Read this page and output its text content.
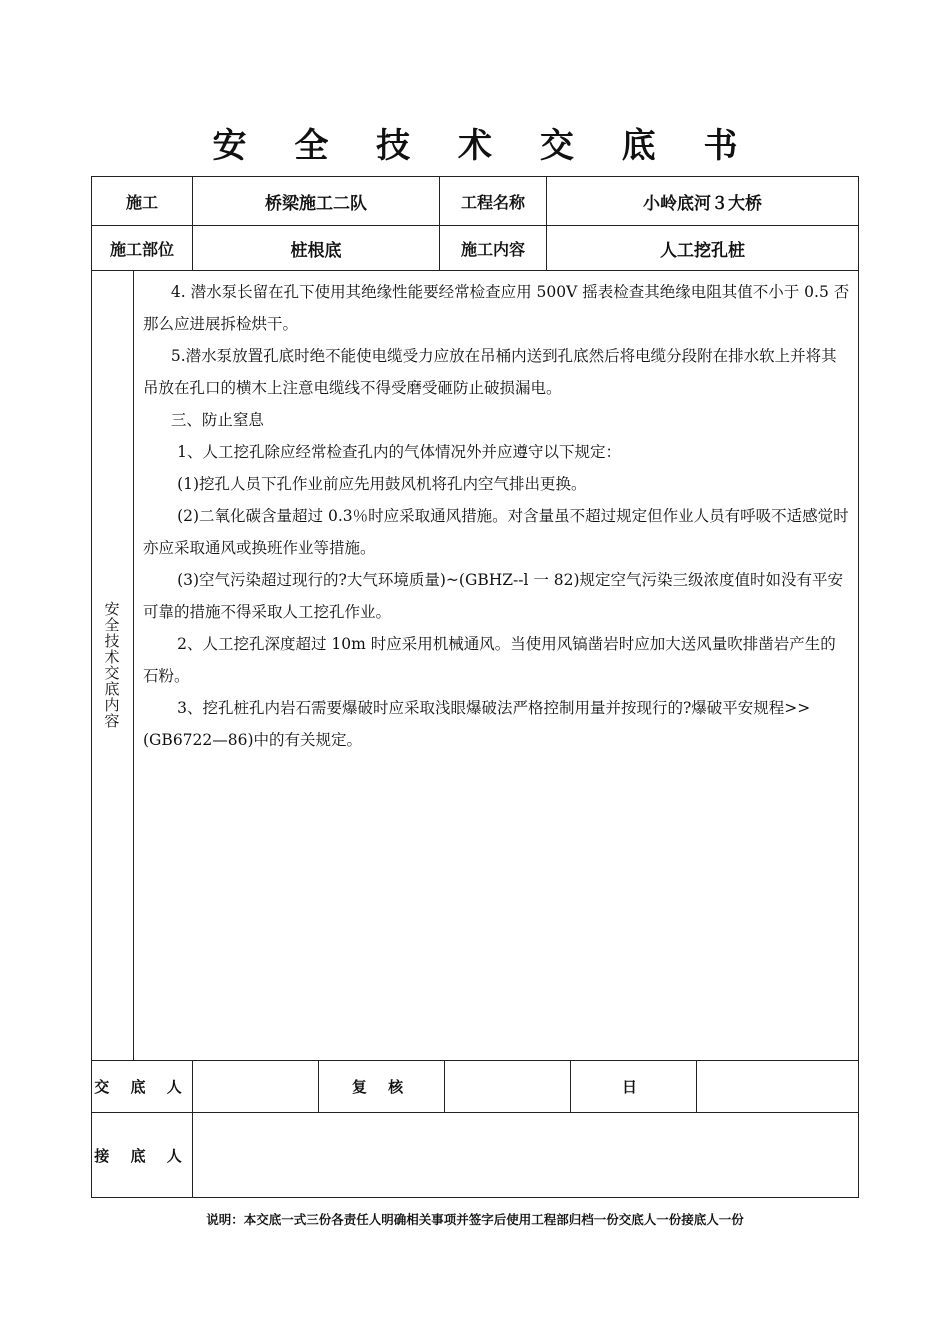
安 全 技 术 交 底 书
施工	桥梁施工二队	工程名称	小岭底河３大桥
施工部位	桩根底	施工内容	人工挖孔桩
安全技术交底内容

4. 潜水泵长留在孔下使用其绝缘性能要经常检查应用 500V 摇表检查其绝缘电阻其值不小于 0.5 否那么应进展拆检烘干。

5.潜水泵放置孔底时绝不能使电缆受力应放在吊桶内送到孔底然后将电缆分段附在排水软上并将其吊放在孔口的横木上注意电缆线不得受磨受砸防止破损漏电。

三、防止窒息

1、人工挖孔除应经常检查孔内的气体情况外并应遵守以下规定：

(1)挖孔人员下孔作业前应先用鼓风机将孔内空气排出更换。

(2)二氧化碳含量超过 0.3％时应采取通风措施。对含量虽不超过规定但作业人员有呼吸不适感觉时亦应采取通风或换班作业等措施。

(3)空气污染超过现行的?大气环境质量)~(GBHZ--l 一 82)规定空气污染三级浓度值时如没有平安可靠的措施不得采取人工挖孔作业。

2、人工挖孔深度超过 10m 时应采用机械通风。当使用风镐凿岩时应加大送风量吹排凿岩产生的石粉。

3、挖孔桩孔内岩石需要爆破时应采取浅眼爆破法严格控制用量并按现行的?爆破平安规程>>(GB6722—86)中的有关规定。

交 底 人	复 核	日
接 底 人
说明：本交底一式三份各责任人明确相关事项并签字后使用工程部归档一份交底人一份接底人一份
